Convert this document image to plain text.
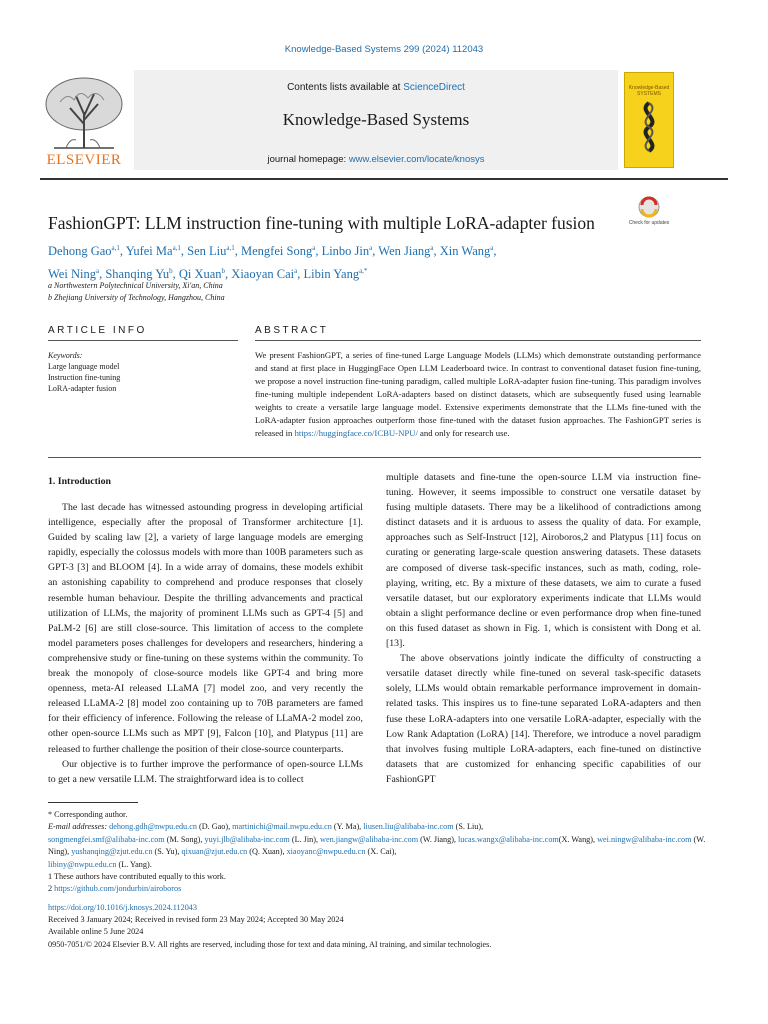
Knowledge-Based Systems 299 (2024) 112043
ELSEVIER
Contents lists available at ScienceDirect
Knowledge-Based Systems
journal homepage: www.elsevier.com/locate/knosys
Knowledge-Based SYSTEMS
FashionGPT: LLM instruction fine-tuning with multiple LoRA-adapter fusion	Check for updates
Dehong Gao$^{a,1}$, Yufei Ma$^{a,1}$, Sen Liu$^{a,1}$, Mengfei Song$^a$, Linbo Jin$^a$, Wen Jiang$^a$, Xin Wang$^a$,
Wei Ning$^a$, Shanqing Yu$^b$, Qi Xuan$^b$, Xiaoyan Cai$^a$, Libin Yang$^{a,*}$
a Northwestern Polytechnical University, Xi'an, China
b Zhejiang University of Technology, Hangzhou, China
ARTICLE INFO	ABSTRACT
Keywords:
Large language model
Instruction fine-tuning
LoRA-adapter fusion
We present FashionGPT, a series of fine-tuned Large Language Models (LLMs) which demonstrate outstanding performance and stand at first place in HuggingFace Open LLM Leaderboard twice. In contrast to conventional dataset fusion fine-tuning, we propose a novel instruction fine-tuning paradigm, called multiple LoRA-adapter fusion fine-tuning. This paradigm involves fine-tuning multiple independent LoRA-adapters based on distinct datasets, which are subsequently fused using learnable weights to create a versatile large language model. Extensive experiments demonstrate that the LLMs fine-tuned with the LoRA-adapter fusion approaches outperform those fine-tuned with the dataset fusion approaches. The FashionGPT series is released in https://huggingface.co/ICBU-NPU/ and only for research use.
1. Introduction

The last decade has witnessed astounding progress in developing artificial intelligence, especially after the proposal of Transformer architecture [1]. Guided by scaling law [2], a variety of large language models are emerging rapidly, especially the colossus models with more than 100B parameters such as GPT-3 [3] and BLOOM [4]. In a wide array of domains, these models exhibit an astonishing capability to comprehend and produce responses that closely resemble human behaviour. Despite the thrilling advancements and practical utilization of LLMs, the majority of prominent LLMs such as GPT-4 [5] and PaLM-2 [6] are still close-source. This limitation of access to the complete model parameters poses challenges for developers and researchers, hindering a comprehensive study or fine-tuning on these systems within the community. To break the monopoly of close-source models like GPT-4 and bring more openness, meta-AI released LLaMA [7] model zoo, and very recently the released LLaMA-2 [8] model zoo containing up to 70B parameters are famed for their efficiency of inference. Following the release of LLaMA-2 model zoo, other open-source LLMs such as MPT [9], Falcon [10], and Platypus [11] are released to further challenge the position of their close-source counterparts.

Our objective is to further improve the performance of open-source LLMs to get a new versatile LLM. The straightforward idea is to collect

multiple datasets and fine-tune the open-source LLM via instruction fine-tuning. However, it seems impossible to construct one versatile dataset by fusing multiple datasets. There may be a likelihood of contradictions among distinct datasets and it is arduous to assess the quality of data. For example, approaches such as Self-Instruct [12], Airoboros,2 and Platypus [11] focus on curating or generating large-scale question answering datasets. These datasets are composed of diverse task-specific instances, such as math, coding, role-playing, writing, etc. By a mixture of these datasets, we aim to curate a fused versatile dataset, but our exploratory experiments indicate that LLMs would obtain a slight performance decline or even performance drop when fine-tuned on this fused dataset as shown in Fig. 1, which is consistent with Dong et al. [13].

The above observations jointly indicate the difficulty of constructing a versatile dataset directly while fine-tuned on several task-specific datasets solely, LLMs would obtain remarkable performance improvement in domain-related tasks. This inspires us to fine-tune separated LoRA-adapters and then fuse these LoRA-adapters into one versatile LoRA-adapter, especially with the Low Rank Adaptation (LoRA) [14]. Therefore, we introduce a novel paradigm that involves fusing multiple LoRA-adapters, each fine-tuned on distinctive datasets that are customized for enhancing specific capabilities of our FashionGPT

* Corresponding author.

E-mail addresses: dehong.gdh@nwpu.edu.cn (D. Gao), martinichi@mail.nwpu.edu.cn (Y. Ma), liusen.liu@alibaba-inc.com (S. Liu),
songmengfei.smf@alibaba-inc.com (M. Song), yuyi.jlb@alibaba-inc.com (L. Jin), wen.jiangw@alibaba-inc.com (W. Jiang), lucas.wangx@alibaba-inc.com(X. Wang), wei.ningw@alibaba-inc.com (W. Ning), yushanqing@zjut.edu.cn (S. Yu), qixuan@zjut.edu.cn (Q. Xuan), xiaoyanc@nwpu.edu.cn (X. Cai),
libiny@nwpu.edu.cn (L. Yang).

1 These authors have contributed equally to this work.

2 https://github.com/jondurbin/airoboros

https://doi.org/10.1016/j.knosys.2024.112043

Received 3 January 2024; Received in revised form 23 May 2024; Accepted 30 May 2024

Available online 5 June 2024

0950-7051/© 2024 Elsevier B.V. All rights are reserved, including those for text and data mining, AI training, and similar technologies.
